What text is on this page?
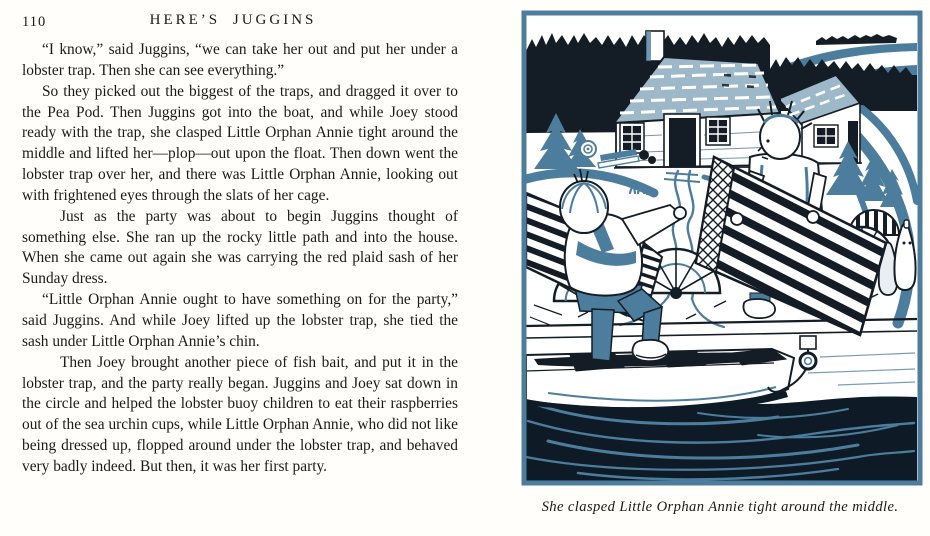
110	HERE’S JUGGINS

“I know,” said Juggins, “we can take her out and put her under a lobster trap. Then she can see everything.”

So they picked out the biggest of the traps, and dragged it over to the Pea Pod. Then Juggins got into the boat, and while Joey stood ready with the trap, she clasped Little Orphan Annie tight around the middle and lifted her—plop—out upon the float. Then down went the lobster trap over her, and there was Little Orphan Annie, looking out with frightened eyes through the slats of her cage.

Just as the party was about to begin Juggins thought of something else. She ran up the rocky little path and into the house. When she came out again she was carrying the red plaid sash of her Sunday dress.

“Little Orphan Annie ought to have something on for the party,” said Juggins. And while Joey lifted up the lobster trap, she tied the sash under Little Orphan Annie’s chin.

Then Joey brought another piece of fish bait, and put it in the lobster trap, and the party really began. Juggins and Joey sat down in the circle and helped the lobster buoy children to eat their raspberries out of the sea urchin cups, while Little Orphan Annie, who did not like being dressed up, flopped around under the lobster trap, and behaved very badly indeed. But then, it was her first party.

She clasped Little Orphan Annie tight around the middle.
